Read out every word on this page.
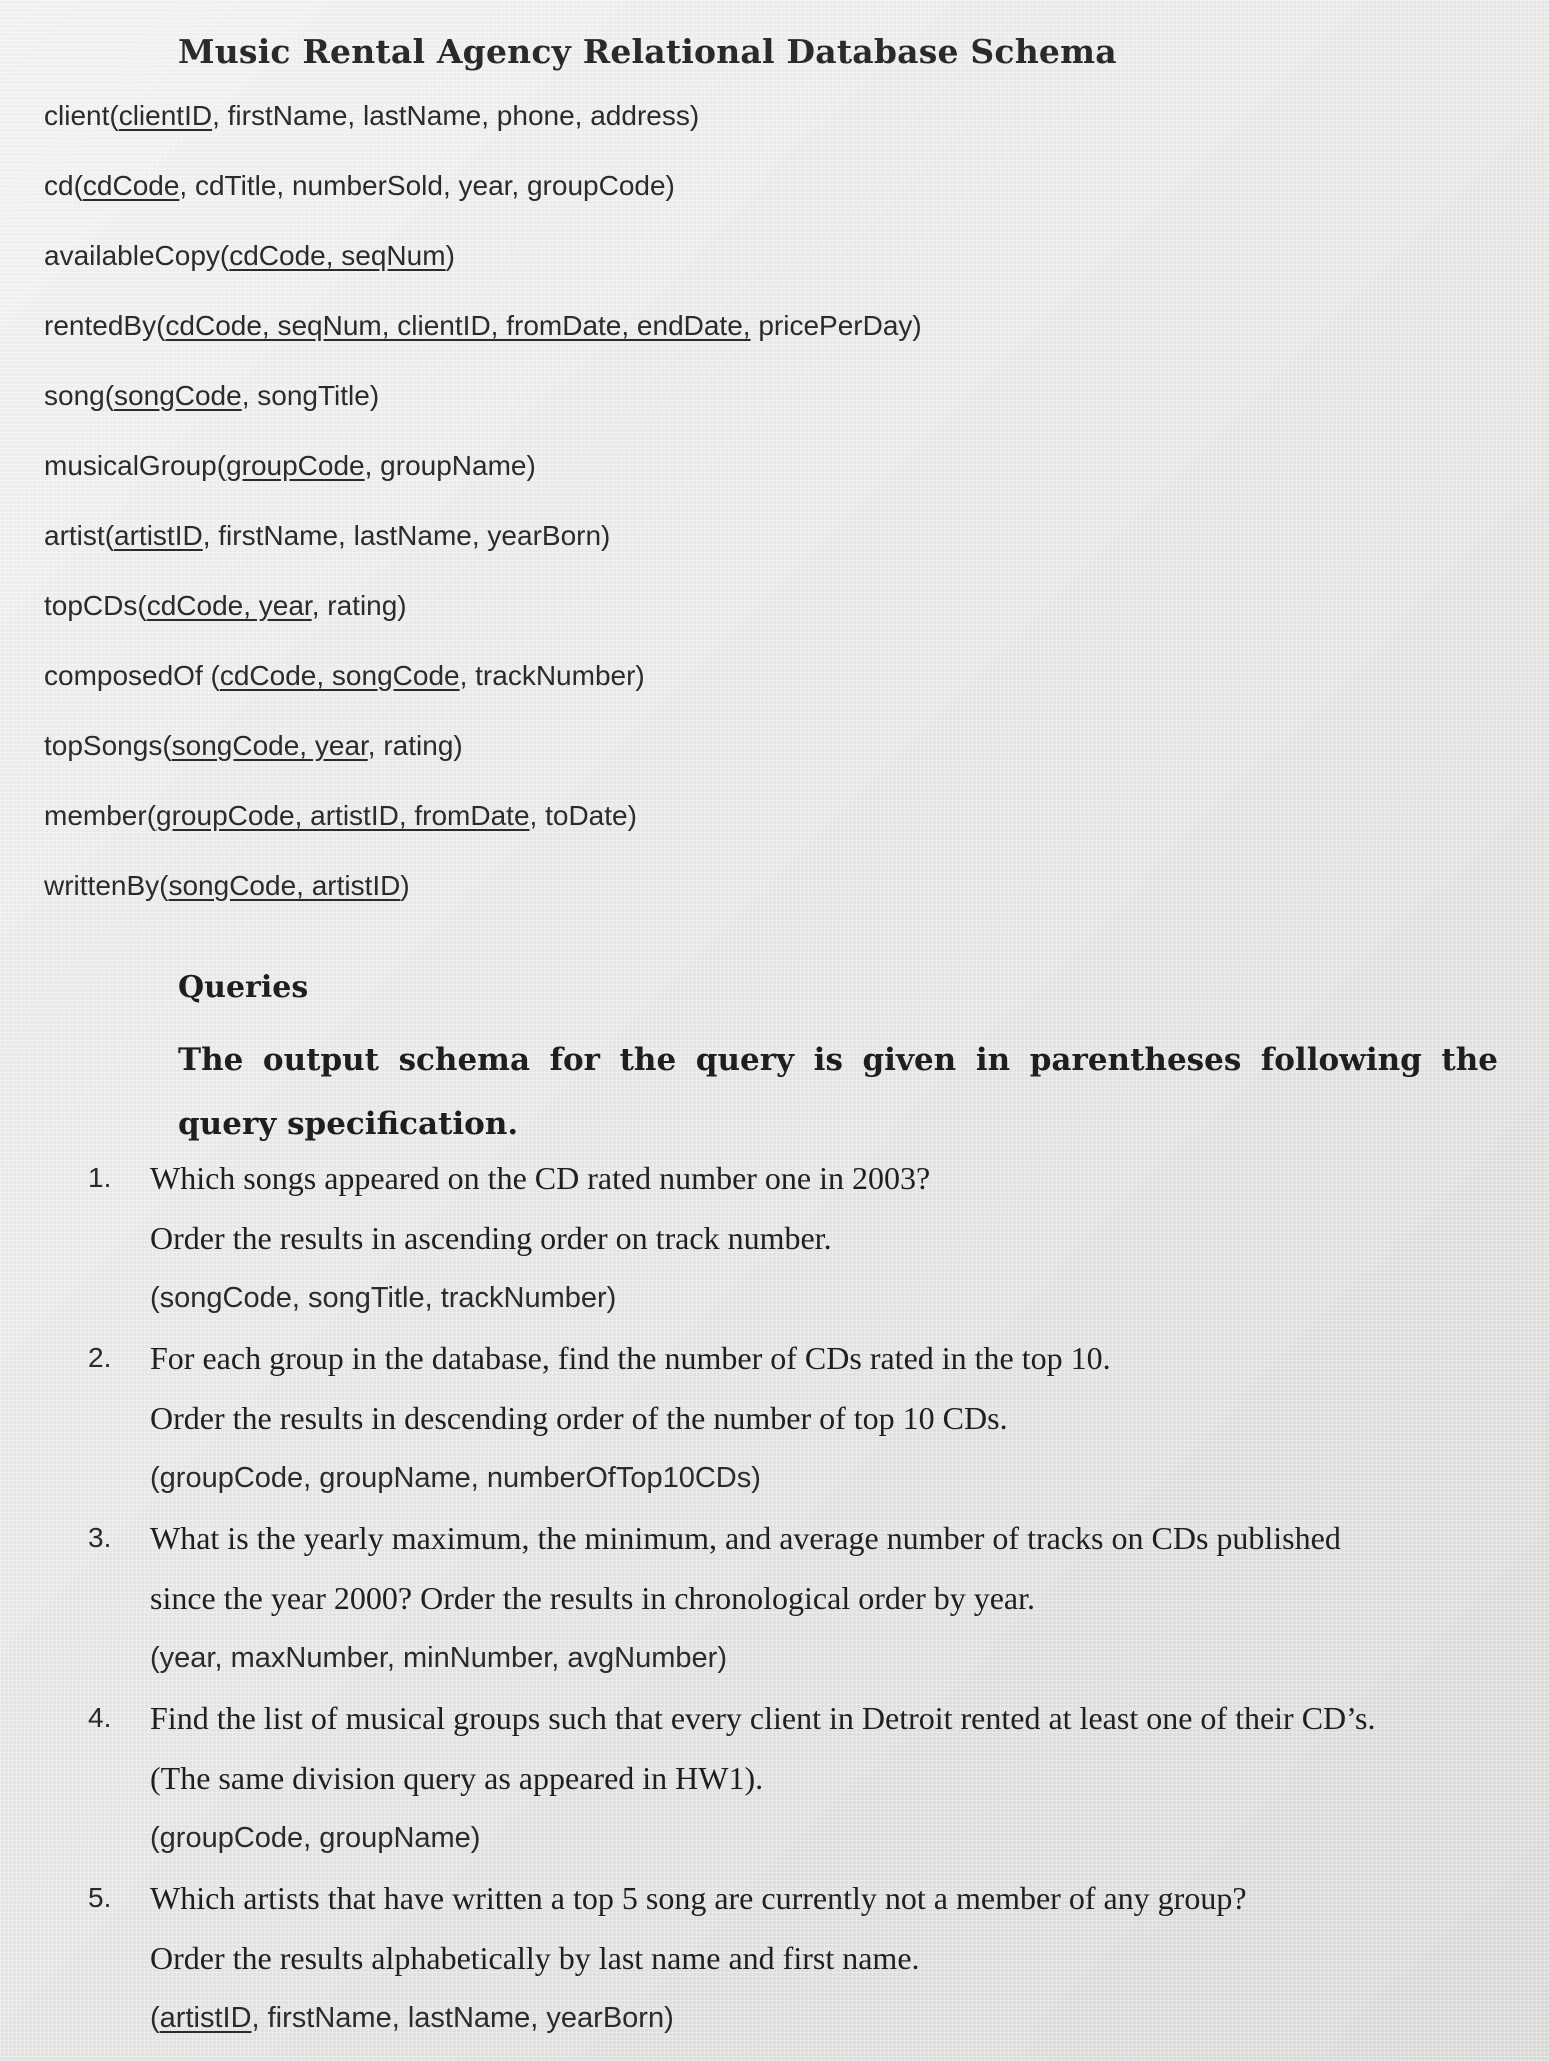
Music Rental Agency Relational Database Schema
client(clientID, firstName, lastName, phone, address)
cd(cdCode, cdTitle, numberSold, year, groupCode)
availableCopy(cdCode, seqNum)
rentedBy(cdCode, seqNum, clientID, fromDate, endDate, pricePerDay)
song(songCode, songTitle)
musicalGroup(groupCode, groupName)
artist(artistID, firstName, lastName, yearBorn)
topCDs(cdCode, year, rating)
composedOf (cdCode, songCode, trackNumber)
topSongs(songCode, year, rating)
member(groupCode, artistID, fromDate, toDate)
writtenBy(songCode, artistID)
Queries
The output schema for the query is given in parentheses following the query specification.
1. Which songs appeared on the CD rated number one in 2003?
Order the results in ascending order on track number.
(songCode, songTitle, trackNumber)
2. For each group in the database, find the number of CDs rated in the top 10.
Order the results in descending order of the number of top 10 CDs.
(groupCode, groupName, numberOfTop10CDs)
3. What is the yearly maximum, the minimum, and average number of tracks on CDs published
since the year 2000? Order the results in chronological order by year.
(year, maxNumber, minNumber, avgNumber)
4. Find the list of musical groups such that every client in Detroit rented at least one of their CD’s.
(The same division query as appeared in HW1).
(groupCode, groupName)
5. Which artists that have written a top 5 song are currently not a member of any group?
Order the results alphabetically by last name and first name.
(artistID, firstName, lastName, yearBorn)
